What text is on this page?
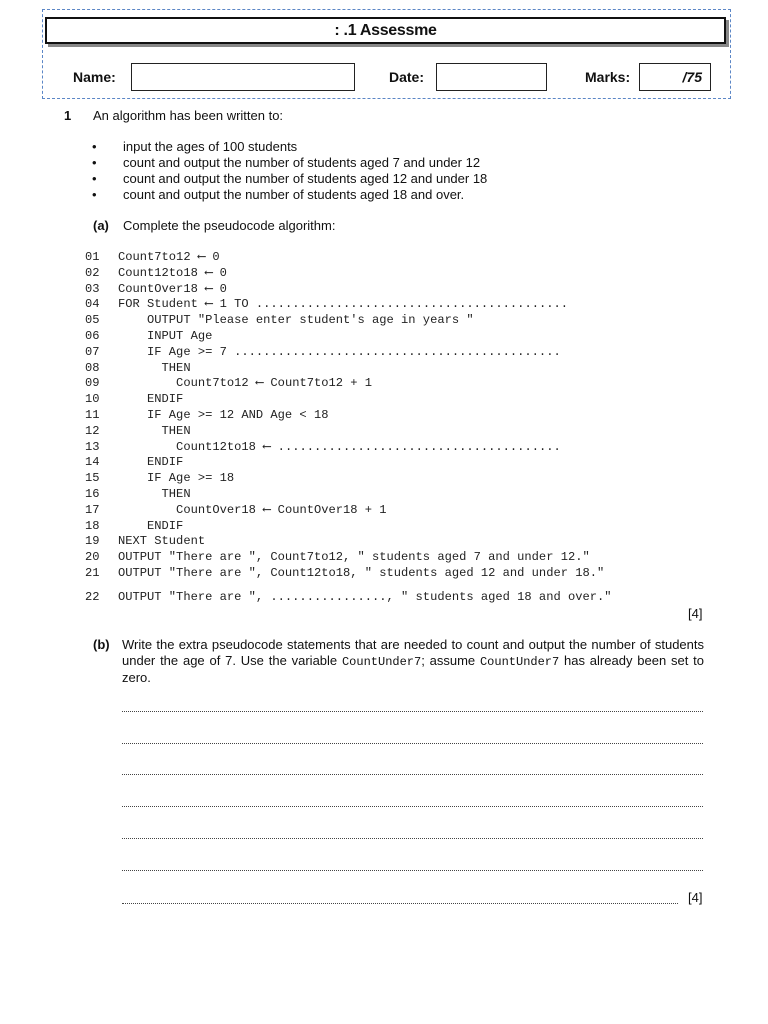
: .1 Assessme
Name:	Date:	Marks:	/75
1 An algorithm has been written to:
• input the ages of 100 students
• count and output the number of students aged 7 and under 12
• count and output the number of students aged 12 and under 18
• count and output the number of students aged 18 and over.
(a) Complete the pseudocode algorithm:
01 Count7to12 ⟵ 0
02 Count12to18 ⟵ 0
03 CountOver18 ⟵ 0
04 FOR Student ⟵ 1 TO ...........................................
05    OUTPUT "Please enter student's age in years "
06    INPUT Age
07    IF Age >= 7 .............................................
08      THEN
09        Count7to12 ⟵ Count7to12 + 1
10    ENDIF
11    IF Age >= 12 AND Age < 18
12      THEN
13        Count12to18 ⟵ .......................................
14    ENDIF
15    IF Age >= 18
16      THEN
17        CountOver18 ⟵ CountOver18 + 1
18    ENDIF
19 NEXT Student
20 OUTPUT "There are ", Count7to12, " students aged 7 and under 12."
21 OUTPUT "There are ", Count12to18, " students aged 12 and under 18."
22 OUTPUT "There are ", ................, " students aged 18 and over."
[4]
(b) Write the extra pseudocode statements that are needed to count and output the number of students under the age of 7. Use the variable CountUnder7; assume CountUnder7 has already been set to zero.
[4]
